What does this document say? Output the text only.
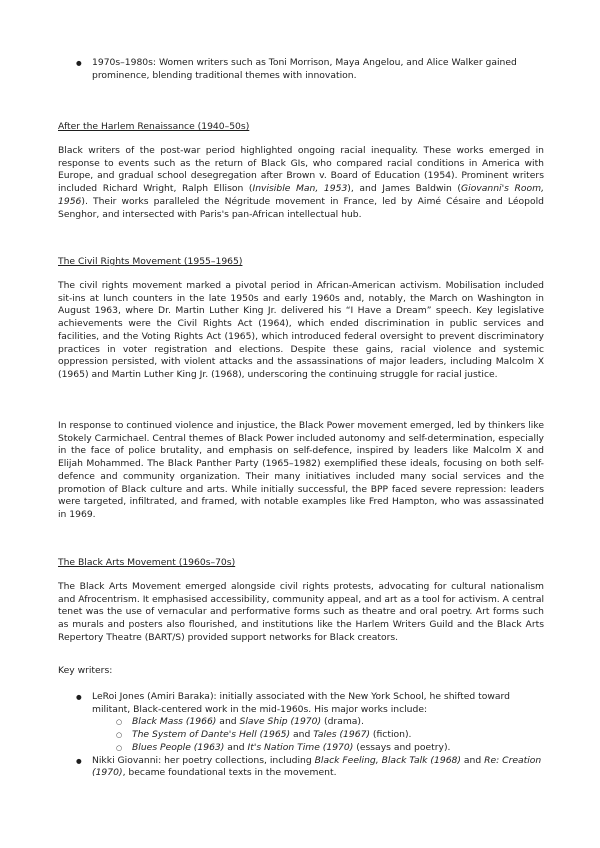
● 1970s–1980s: Women writers such as Toni Morrison, Maya Angelou, and Alice Walker gained prominence, blending traditional themes with innovation.

After the Harlem Renaissance (1940–50s)

Black writers of the post-war period highlighted ongoing racial inequality. These works emerged in response to events such as the return of Black GIs, who compared racial conditions in America with Europe, and gradual school desegregation after Brown v. Board of Education (1954). Prominent writers included Richard Wright, Ralph Ellison (Invisible Man, 1953), and James Baldwin (Giovanni's Room, 1956). Their works paralleled the Négritude movement in France, led by Aimé Césaire and Léopold Senghor, and intersected with Paris's pan-African intellectual hub.

The Civil Rights Movement (1955–1965)

The civil rights movement marked a pivotal period in African-American activism. Mobilisation included sit-ins at lunch counters in the late 1950s and early 1960s and, notably, the March on Washington in August 1963, where Dr. Martin Luther King Jr. delivered his “I Have a Dream” speech. Key legislative achievements were the Civil Rights Act (1964), which ended discrimination in public services and facilities, and the Voting Rights Act (1965), which introduced federal oversight to prevent discriminatory practices in voter registration and elections. Despite these gains, racial violence and systemic oppression persisted, with violent attacks and the assassinations of major leaders, including Malcolm X (1965) and Martin Luther King Jr. (1968), underscoring the continuing struggle for racial justice.

In response to continued violence and injustice, the Black Power movement emerged, led by thinkers like Stokely Carmichael. Central themes of Black Power included autonomy and self-determination, especially in the face of police brutality, and emphasis on self-defence, inspired by leaders like Malcolm X and Elijah Mohammed. The Black Panther Party (1965–1982) exemplified these ideals, focusing on both self-defence and community organization. Their many initiatives included many social services and the promotion of Black culture and arts. While initially successful, the BPP faced severe repression: leaders were targeted, infiltrated, and framed, with notable examples like Fred Hampton, who was assassinated in 1969.

The Black Arts Movement (1960s–70s)

The Black Arts Movement emerged alongside civil rights protests, advocating for cultural nationalism and Afrocentrism. It emphasised accessibility, community appeal, and art as a tool for activism. A central tenet was the use of vernacular and performative forms such as theatre and oral poetry. Art forms such as murals and posters also flourished, and institutions like the Harlem Writers Guild and the Black Arts Repertory Theatre (BART/S) provided support networks for Black creators.

Key writers:

● LeRoi Jones (Amiri Baraka): initially associated with the New York School, he shifted toward militant, Black-centered work in the mid-1960s. His major works include:
○ Black Mass (1966) and Slave Ship (1970) (drama).
○ The System of Dante's Hell (1965) and Tales (1967) (fiction).
○ Blues People (1963) and It's Nation Time (1970) (essays and poetry).
● Nikki Giovanni: her poetry collections, including Black Feeling, Black Talk (1968) and Re: Creation (1970), became foundational texts in the movement.
